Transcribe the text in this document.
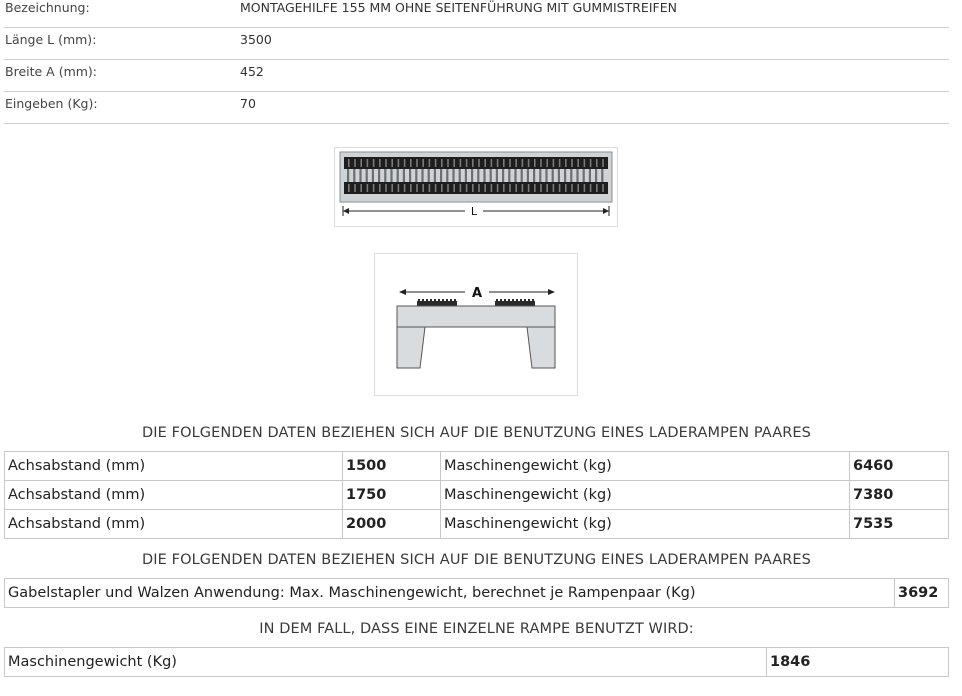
Bezeichnung:	MONTAGEHILFE 155 MM OHNE SEITENFÜHRUNG MIT GUMMISTREIFEN
Länge L (mm):	3500
Breite A (mm):	452
Eingeben (Kg):	70
L
A
DIE FOLGENDEN DATEN BEZIEHEN SICH AUF DIE BENUTZUNG EINES LADERAMPEN PAARES
Achsabstand (mm)	1500	Maschinengewicht (kg)	6460
Achsabstand (mm)	1750	Maschinengewicht (kg)	7380
Achsabstand (mm)	2000	Maschinengewicht (kg)	7535
DIE FOLGENDEN DATEN BEZIEHEN SICH AUF DIE BENUTZUNG EINES LADERAMPEN PAARES
Gabelstapler und Walzen Anwendung: Max. Maschinengewicht, berechnet je Rampenpaar (Kg)	3692
IN DEM FALL, DASS EINE EINZELNE RAMPE BENUTZT WIRD:
Maschinengewicht (Kg)	1846
